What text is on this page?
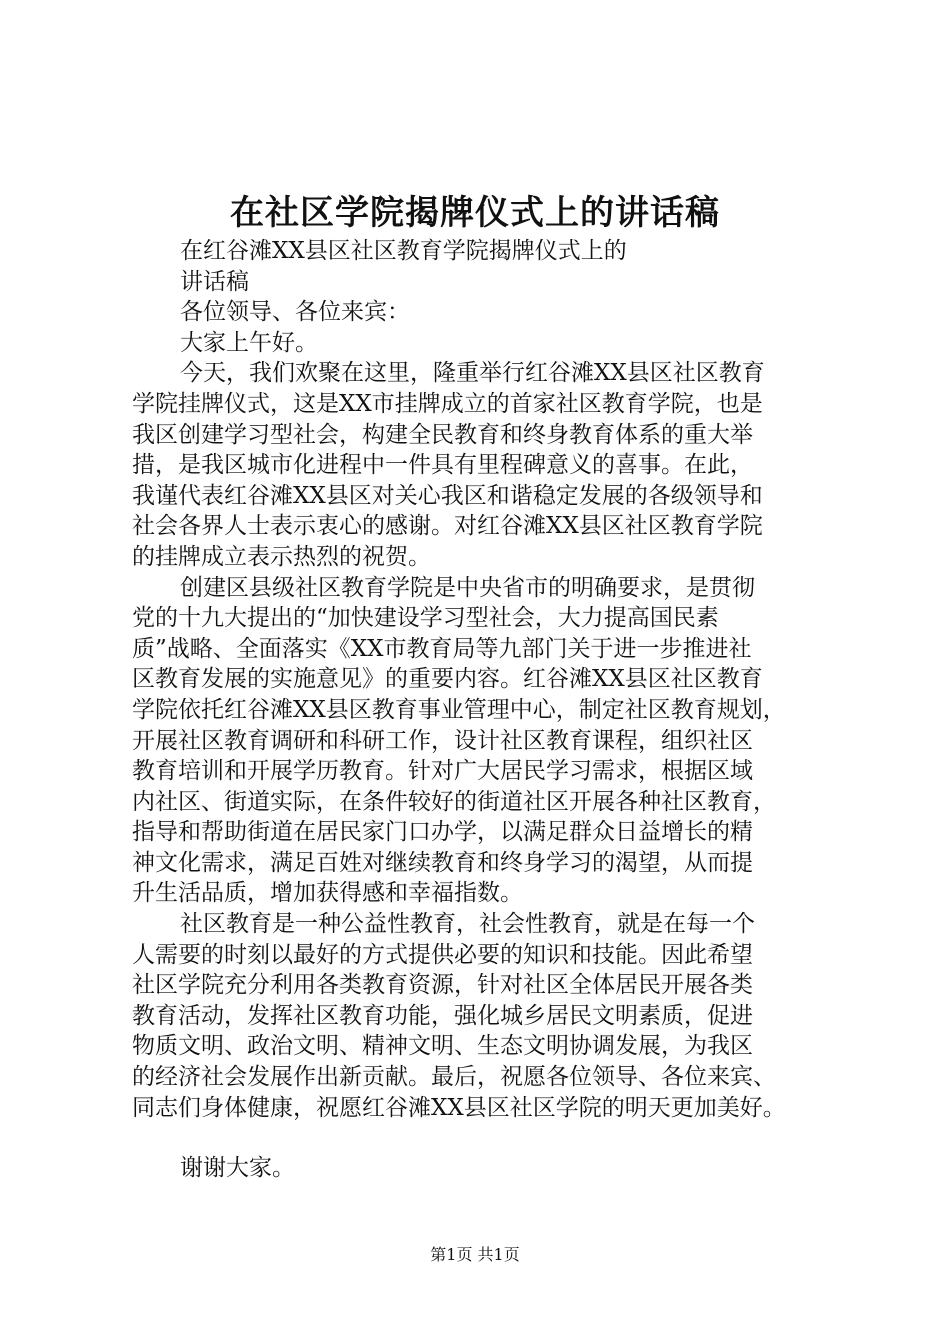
在社区学院揭牌仪式上的讲话稿
在红谷滩XX县区社区教育学院揭牌仪式上的
讲话稿
各位领导、各位来宾：
大家上午好。
今天，我们欢聚在这里，隆重举行红谷滩XX县区社区教育
学院挂牌仪式，这是XX市挂牌成立的首家社区教育学院，也是
我区创建学习型社会，构建全民教育和终身教育体系的重大举
措，是我区城市化进程中一件具有里程碑意义的喜事。在此，
我谨代表红谷滩XX县区对关心我区和谐稳定发展的各级领导和
社会各界人士表示衷心的感谢。对红谷滩XX县区社区教育学院
的挂牌成立表示热烈的祝贺。
创建区县级社区教育学院是中央省市的明确要求，是贯彻
党的十九大提出的“加快建设学习型社会，大力提高国民素
质”战略、全面落实《XX市教育局等九部门关于进一步推进社
区教育发展的实施意见》的重要内容。红谷滩XX县区社区教育
学院依托红谷滩XX县区教育事业管理中心，制定社区教育规划，
开展社区教育调研和科研工作，设计社区教育课程，组织社区
教育培训和开展学历教育。针对广大居民学习需求，根据区域
内社区、街道实际，在条件较好的街道社区开展各种社区教育，
指导和帮助街道在居民家门口办学，以满足群众日益增长的精
神文化需求，满足百姓对继续教育和终身学习的渴望，从而提
升生活品质，增加获得感和幸福指数。
社区教育是一种公益性教育，社会性教育，就是在每一个
人需要的时刻以最好的方式提供必要的知识和技能。因此希望
社区学院充分利用各类教育资源，针对社区全体居民开展各类
教育活动，发挥社区教育功能，强化城乡居民文明素质，促进
物质文明、政治文明、精神文明、生态文明协调发展，为我区
的经济社会发展作出新贡献。最后，祝愿各位领导、各位来宾、
同志们身体健康，祝愿红谷滩XX县区社区学院的明天更加美好。
谢谢大家。
第1页 共1页
